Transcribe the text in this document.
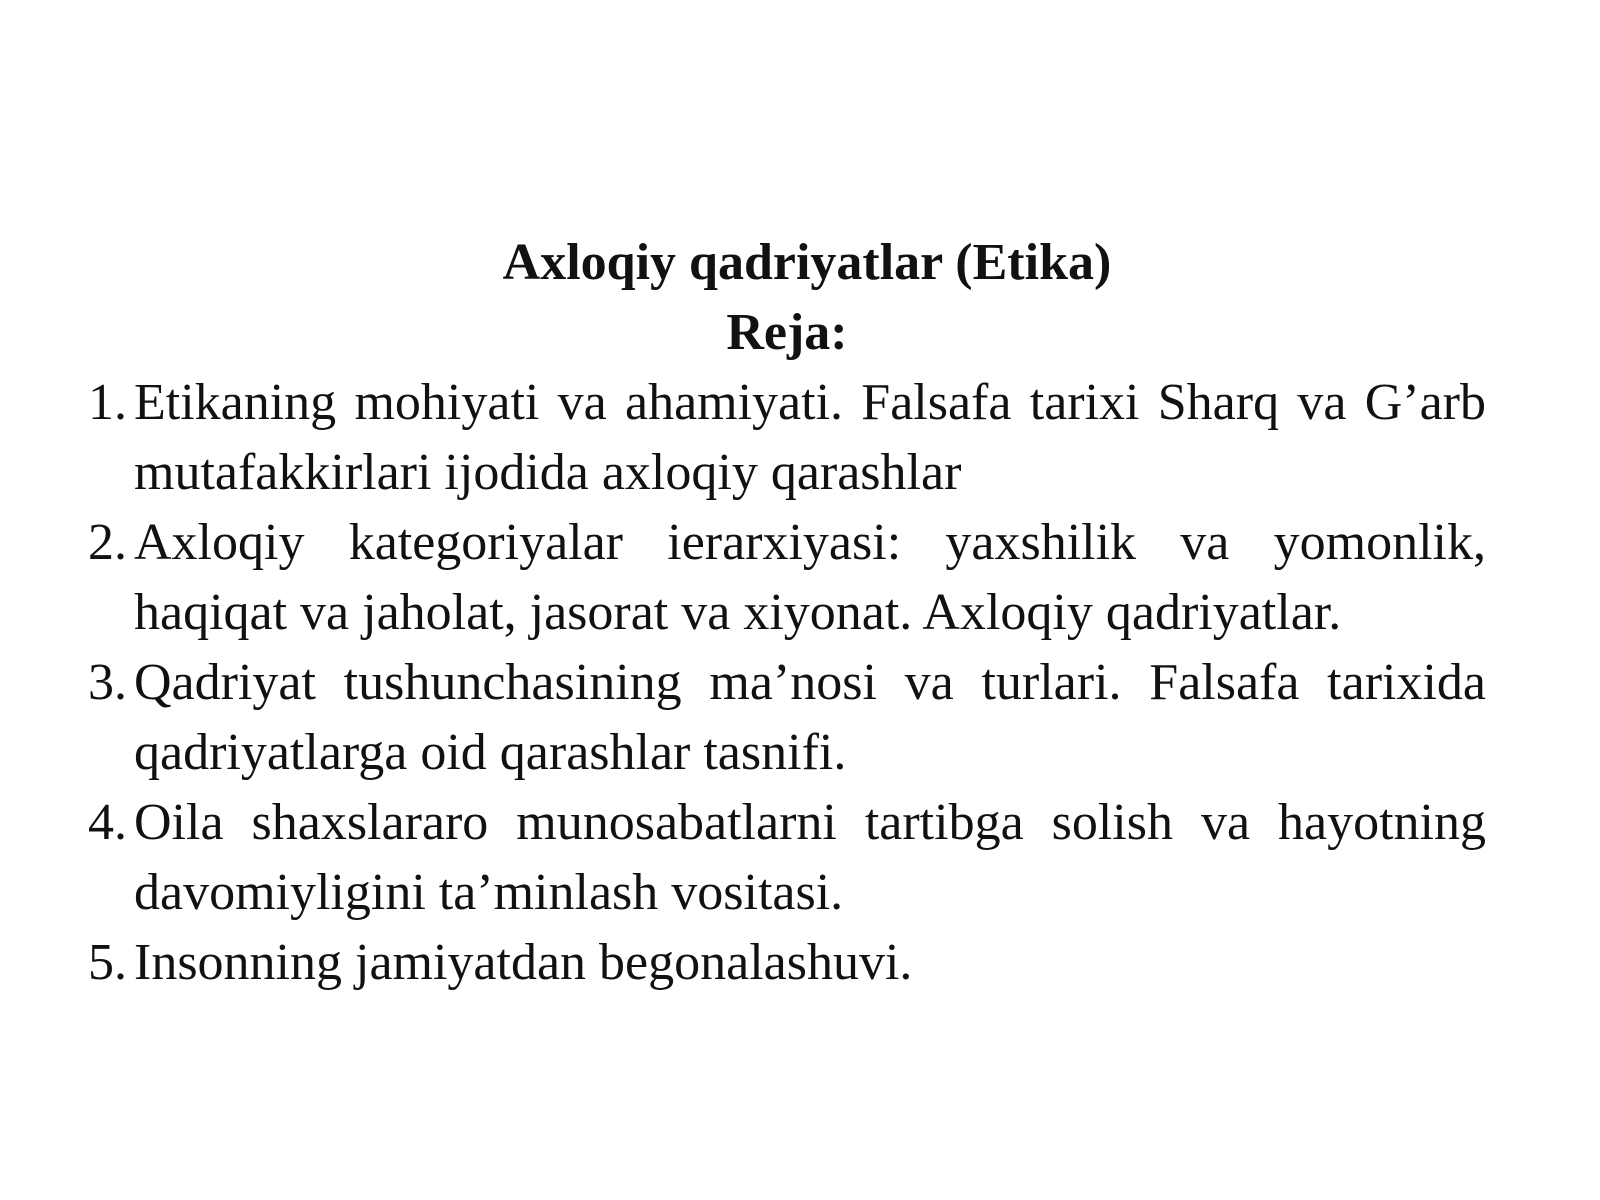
Axloqiy qadriyatlar (Etika)
Reja:
1. Etikaning mohiyati va ahamiyati. Falsafa tarixi Sharq va G’arb mutafakkirlari ijodida axloqiy qarashlar
2. Axloqiy kategoriyalar ierarxiyasi: yaxshilik va yomonlik, haqiqat va jaholat, jasorat va xiyonat. Axloqiy qadriyatlar.
3. Qadriyat tushunchasining ma’nosi va turlari. Falsafa tarixida qadriyatlarga oid qarashlar tasnifi.
4. Oila shaxslararo munosabatlarni tartibga solish va hayotning davomiyligini ta’minlash vositasi.
5. Insonning jamiyatdan begonalashuvi.
